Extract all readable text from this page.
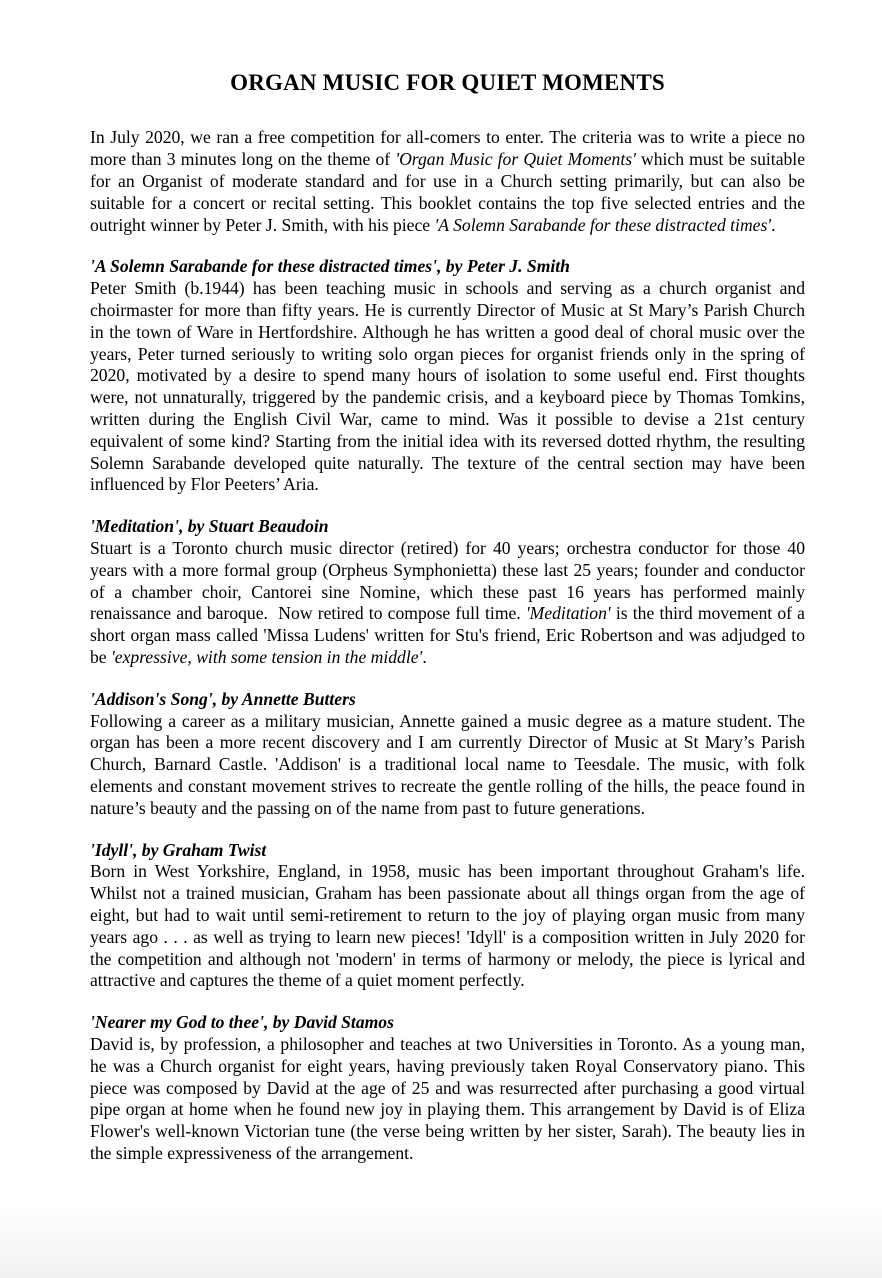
ORGAN MUSIC FOR QUIET MOMENTS

In July 2020, we ran a free competition for all-comers to enter. The criteria was to write a piece no more than 3 minutes long on the theme of 'Organ Music for Quiet Moments' which must be suitable for an Organist of moderate standard and for use in a Church setting primarily, but can also be suitable for a concert or recital setting. This booklet contains the top five selected entries and the outright winner by Peter J. Smith, with his piece 'A Solemn Sarabande for these distracted times'.

'A Solemn Sarabande for these distracted times', by Peter J. Smith

Peter Smith (b.1944) has been teaching music in schools and serving as a church organist and choirmaster for more than fifty years. He is currently Director of Music at St Mary’s Parish Church in the town of Ware in Hertfordshire. Although he has written a good deal of choral music over the years, Peter turned seriously to writing solo organ pieces for organist friends only in the spring of 2020, motivated by a desire to spend many hours of isolation to some useful end. First thoughts were, not unnaturally, triggered by the pandemic crisis, and a keyboard piece by Thomas Tomkins, written during the English Civil War, came to mind. Was it possible to devise a 21st century equivalent of some kind? Starting from the initial idea with its reversed dotted rhythm, the resulting Solemn Sarabande developed quite naturally. The texture of the central section may have been influenced by Flor Peeters’ Aria.

'Meditation', by Stuart Beaudoin

Stuart is a Toronto church music director (retired) for 40 years; orchestra conductor for those 40 years with a more formal group (Orpheus Symphonietta) these last 25 years; founder and conductor of a chamber choir, Cantorei sine Nomine, which these past 16 years has performed mainly renaissance and baroque.  Now retired to compose full time. 'Meditation' is the third movement of a short organ mass called 'Missa Ludens' written for Stu's friend, Eric Robertson and was adjudged to be 'expressive, with some tension in the middle'.

'Addison's Song', by Annette Butters

Following a career as a military musician, Annette gained a music degree as a mature student. The organ has been a more recent discovery and I am currently Director of Music at St Mary’s Parish Church, Barnard Castle. 'Addison' is a traditional local name to Teesdale. The music, with folk elements and constant movement strives to recreate the gentle rolling of the hills, the peace found in nature’s beauty and the passing on of the name from past to future generations.

'Idyll', by Graham Twist

Born in West Yorkshire, England, in 1958, music has been important throughout Graham's life. Whilst not a trained musician, Graham has been passionate about all things organ from the age of eight, but had to wait until semi-retirement to return to the joy of playing organ music from many years ago . . . as well as trying to learn new pieces! 'Idyll' is a composition written in July 2020 for the competition and although not 'modern' in terms of harmony or melody, the piece is lyrical and attractive and captures the theme of a quiet moment perfectly.

'Nearer my God to thee', by David Stamos

David is, by profession, a philosopher and teaches at two Universities in Toronto. As a young man, he was a Church organist for eight years, having previously taken Royal Conservatory piano. This piece was composed by David at the age of 25 and was resurrected after purchasing a good virtual pipe organ at home when he found new joy in playing them. This arrangement by David is of Eliza Flower's well-known Victorian tune (the verse being written by her sister, Sarah). The beauty lies in the simple expressiveness of the arrangement.
